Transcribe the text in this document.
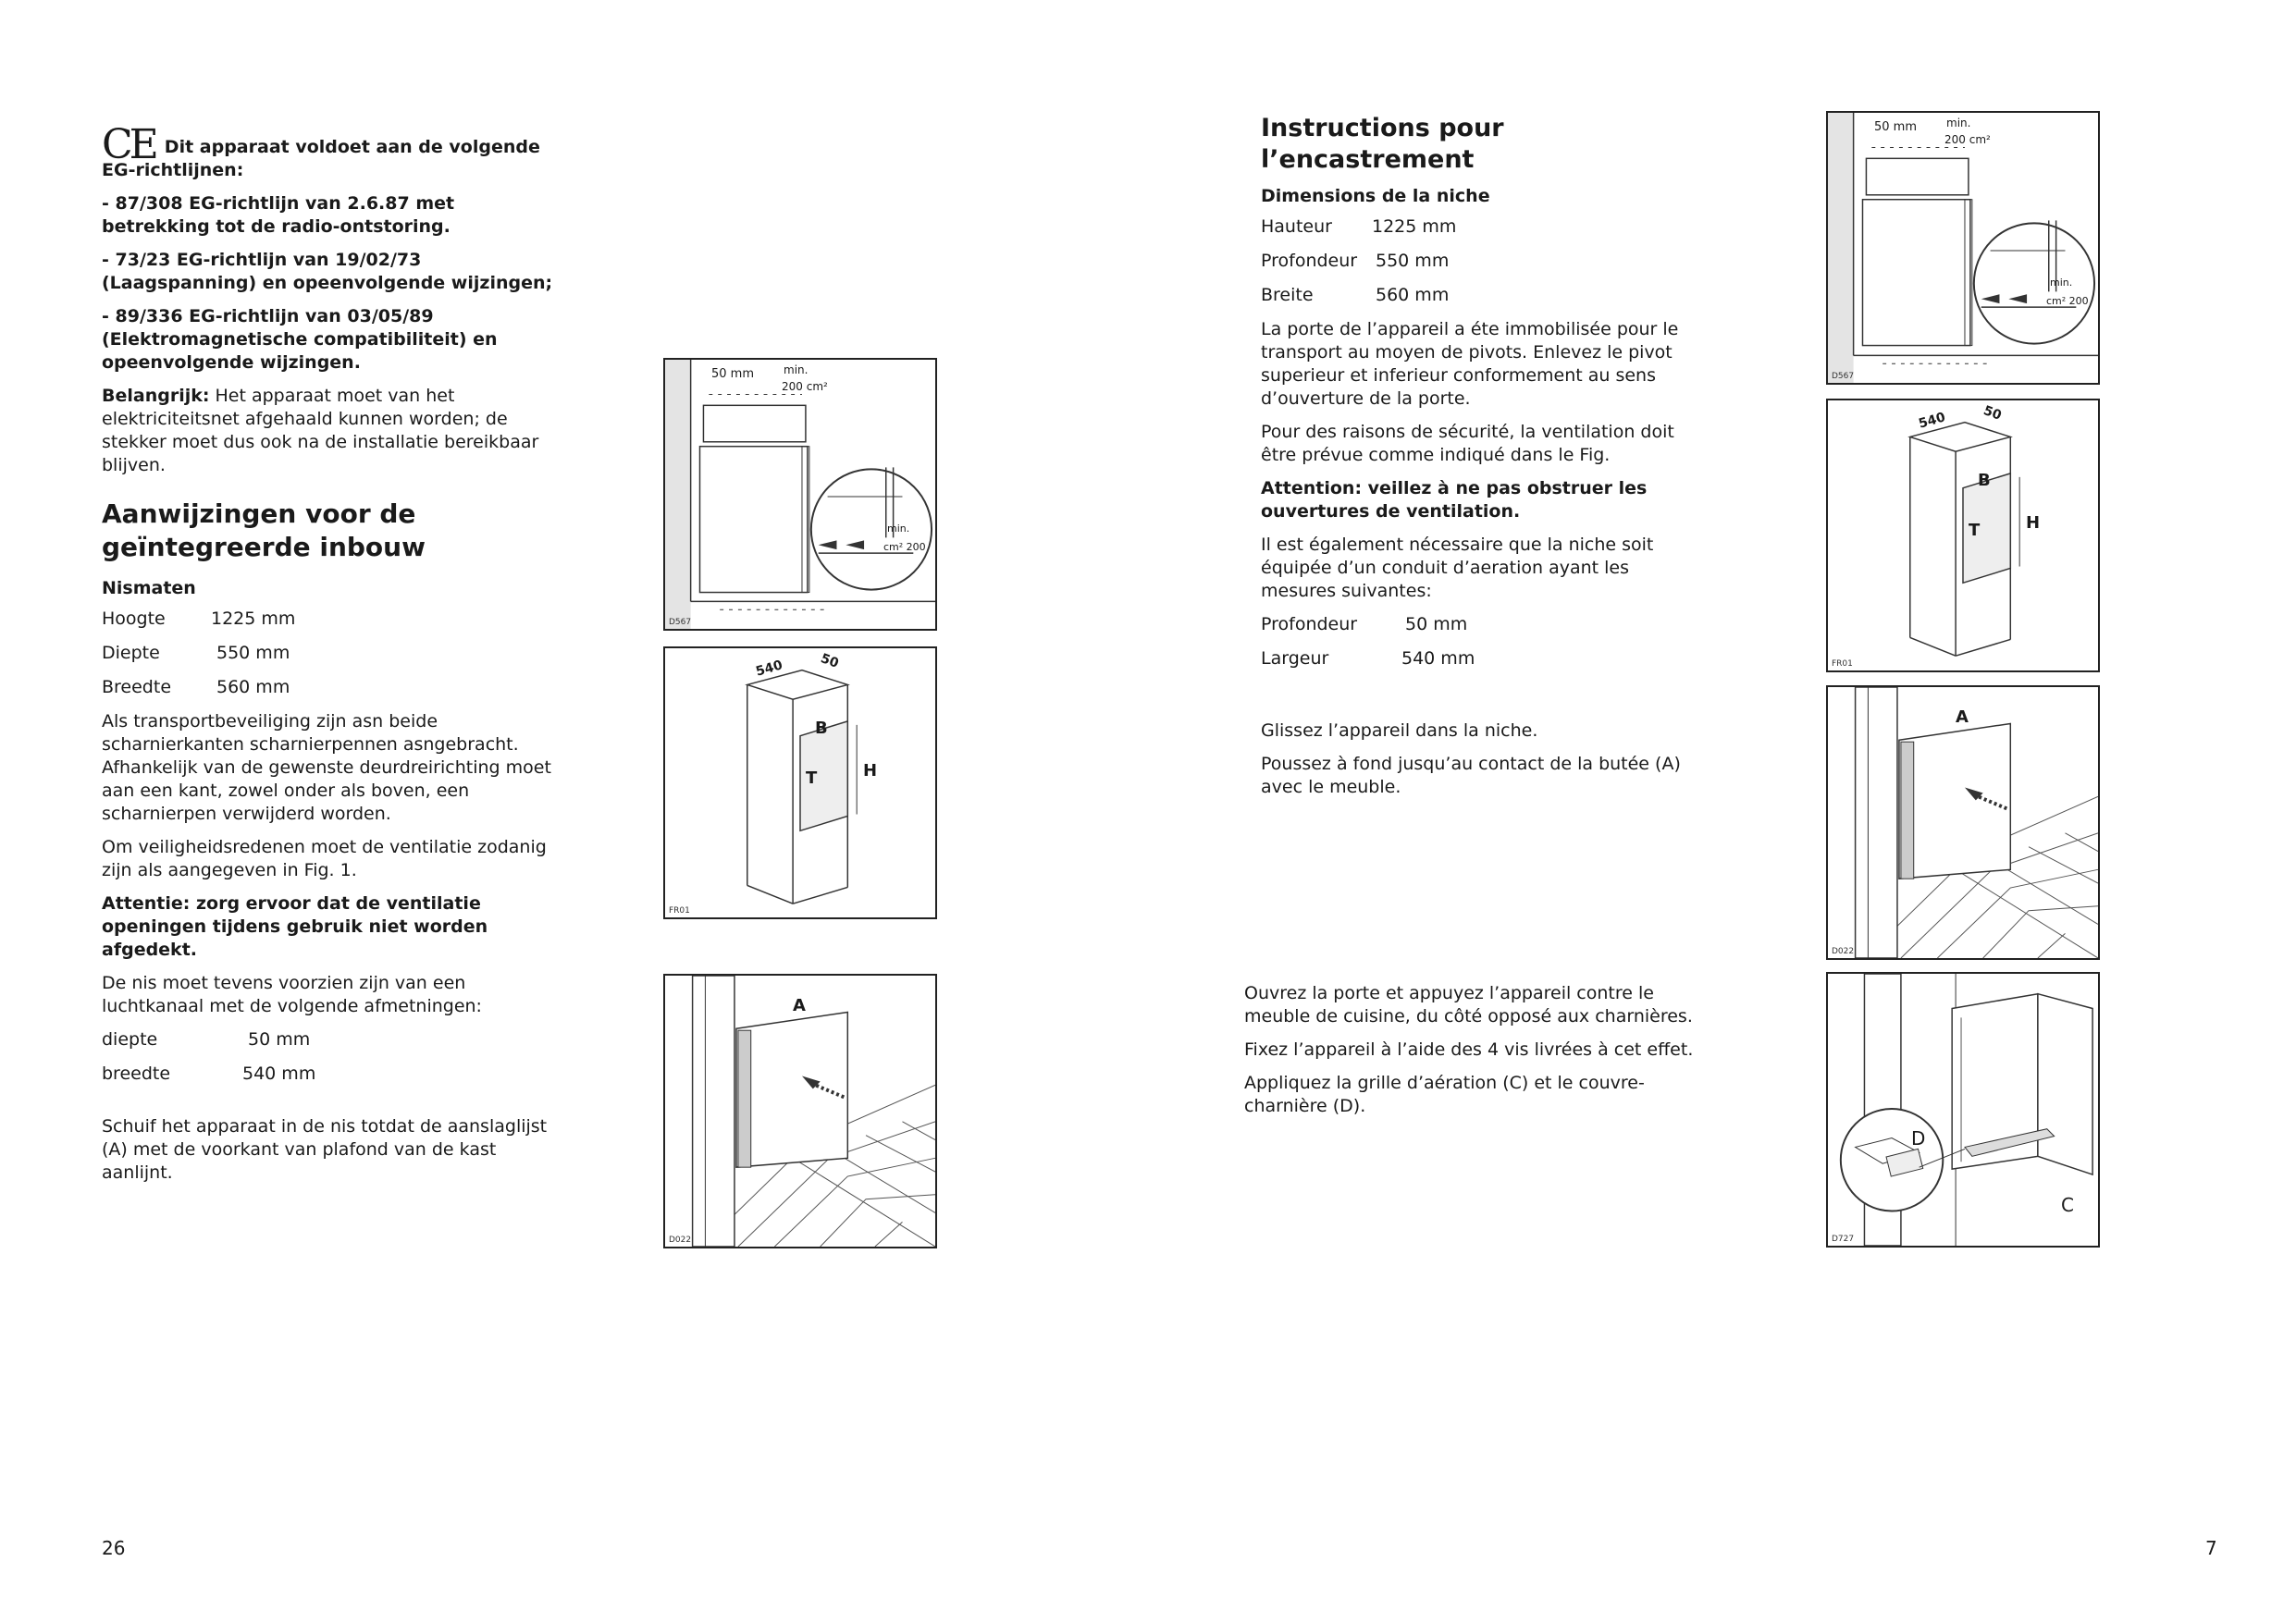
CE Dit apparaat voldoet aan de volgende EG-richtlijnen:

- 87/308 EG-richtlijn van 2.6.87 met betrekking tot de radio-ontstoring.

- 73/23 EG-richtlijn van 19/02/73 (Laagspanning) en opeenvolgende wijzingen;

- 89/336 EG-richtlijn van 03/05/89 (Elektromagnetische compatibiliteit) en opeenvolgende wijzingen.

Belangrijk: Het apparaat moet van het elektriciteitsnet afgehaald kunnen worden; de stekker moet dus ook na de installatie bereikbaar blijven.

Aanwijzingen voor de geïntegreerde inbouw
Nismaten
Hoogte	1225 mm
Diepte	550 mm
Breedte	560 mm

Als transportbeveiliging zijn asn beide scharnierkanten scharnierpennen asngebracht. Afhankelijk van de gewenste deurdreirichting moet aan een kant, zowel onder als boven, een scharnierpen verwijderd worden.

Om veiligheidsredenen moet de ventilatie zodanig zijn als aangegeven in Fig. 1.

Attentie: zorg ervoor dat de ventilatie openingen tijdens gebruik niet worden afgedekt.

De nis moet tevens voorzien zijn van een luchtkanaal met de volgende afmetningen:

diepte	50 mm
breedte	540 mm

Schuif het apparaat in de nis totdat de aanslaglijst (A) met de voorkant van plafond van de kast aanlijnt.

26
Instructions pour l’encastrement
Dimensions de la niche
Hauteur	1225 mm
Profondeur	550 mm
Breite	560 mm

La porte de l’appareil a éte immobilisée pour le transport au moyen de pivots. Enlevez le pivot superieur et inferieur conformement au sens d’ouverture de la porte.

Pour des raisons de sécurité, la ventilation doit être prévue comme indiqué dans le Fig.

Attention: veillez à ne pas obstruer les ouvertures de ventilation.

Il est également nécessaire que la niche soit équipée d’un conduit d’aeration ayant les mesures suivantes:

Profondeur	50 mm
Largeur	540 mm

Glissez l’appareil dans la niche.

Poussez à fond jusqu’au contact de la butée (A) avec le meuble.

Ouvrez la porte et appuyez l’appareil contre le meuble de cuisine, du côté opposé aux charnières.

Fixez l’appareil à l’aide des 4 vis livrées à cet effet.

Appliquez la grille d’aération (C) et le couvre-charnière (D).

7
50 mm	min.
200 cm²
min.
cm² 200
D567
540	50
B
T	H
FR01
A
D022
50 mm	min.
200 cm²
min.
cm² 200
D567
540	50
B
T	H
FR01
A
D022
D
C
D727
